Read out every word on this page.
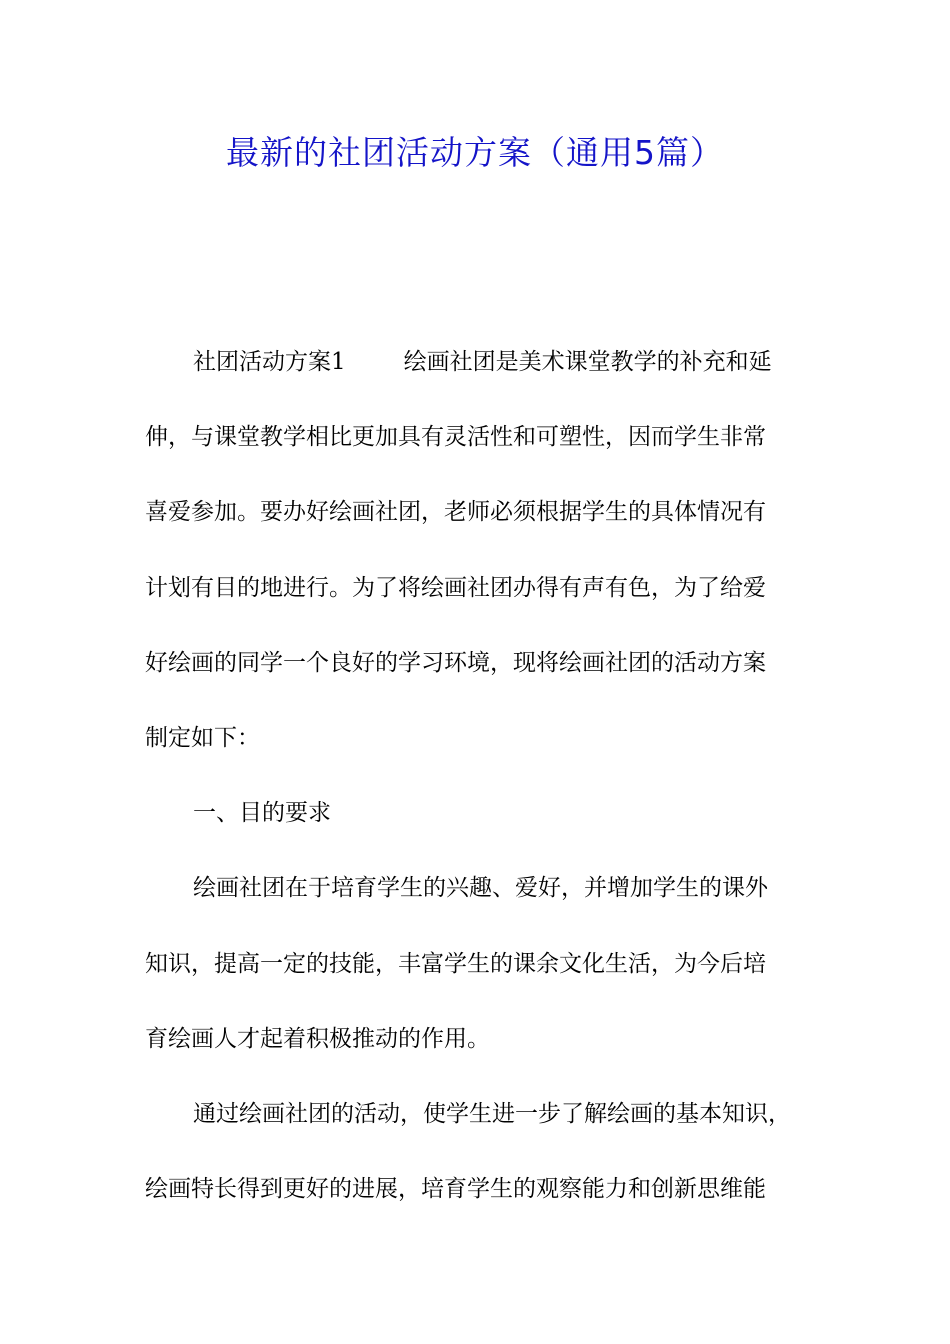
最新的社团活动方案（通用5篇）
社团活动方案1	绘画社团是美术课堂教学的补充和延
伸，与课堂教学相比更加具有灵活性和可塑性，因而学生非常
喜爱参加。要办好绘画社团，老师必须根据学生的具体情况有
计划有目的地进行。为了将绘画社团办得有声有色，为了给爱
好绘画的同学一个良好的学习环境，现将绘画社团的活动方案
制定如下：
一、目的要求
绘画社团在于培育学生的兴趣、爱好，并增加学生的课外
知识，提高一定的技能，丰富学生的课余文化生活，为今后培
育绘画人才起着积极推动的作用。
通过绘画社团的活动，使学生进一步了解绘画的基本知识，
绘画特长得到更好的进展，培育学生的观察能力和创新思维能
